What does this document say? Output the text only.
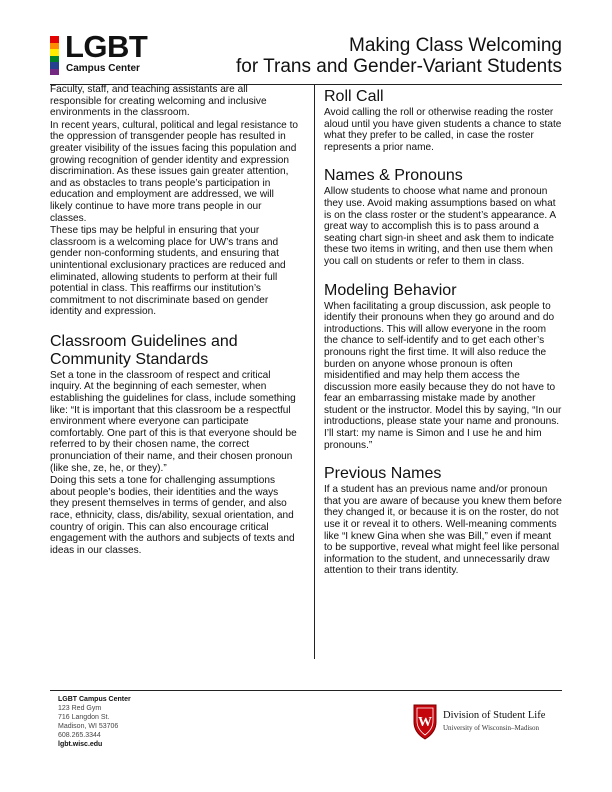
LGBT
Campus Center
Making Class Welcoming
for Trans and Gender-Variant Students

Faculty, staff, and teaching assistants are all responsible for creating welcoming and inclusive environments in the classroom.

In recent years, cultural, political and legal resistance to the oppression of transgender people has resulted in greater visibility of the issues facing this population and growing recognition of gender identity and expression discrimination. As these issues gain greater attention, and as obstacles to trans people’s participation in education and employment are addressed, we will likely continue to have more trans people in our classes.

These tips may be helpful in ensuring that your classroom is a welcoming place for UW’s trans and gender non-conforming students, and ensuring that unintentional exclusionary practices are reduced and eliminated, allowing students to perform at their full potential in class. This reaffirms our institution’s commitment to not discriminate based on gender identity and expression.

Classroom Guidelines and Community Standards

Set a tone in the classroom of respect and critical inquiry. At the beginning of each semester, when establishing the guidelines for class, include something like: “It is important that this classroom be a respectful environment where everyone can participate comfortably. One part of this is that everyone should be referred to by their chosen name, the correct pronunciation of their name, and their chosen pronoun (like she, ze, he, or they).”

Doing this sets a tone for challenging assumptions about people’s bodies, their identities and the ways they present themselves in terms of gender, and also race, ethnicity, class, dis/ability, sexual orientation, and country of origin. This can also encourage critical engagement with the authors and subjects of texts and ideas in our classes.

Roll Call

Avoid calling the roll or otherwise reading the roster aloud until you have given students a chance to state what they prefer to be called, in case the roster represents a prior name.

Names & Pronouns

Allow students to choose what name and pronoun they use. Avoid making assumptions based on what is on the class roster or the student’s appearance. A great way to accomplish this is to pass around a seating chart sign-in sheet and ask them to indicate these two items in writing, and then use them when you call on students or refer to them in class.

Modeling Behavior

When facilitating a group discussion, ask people to identify their pronouns when they go around and do introductions. This will allow everyone in the room the chance to self-identify and to get each other’s pronouns right the first time. It will also reduce the burden on anyone whose pronoun is often misidentified and may help them access the discussion more easily because they do not have to fear an embarrassing mistake made by another student or the instructor. Model this by saying, “In our introductions, please state your name and pronouns. I’ll start: my name is Simon and I use he and him pronouns.”

Previous Names

If a student has an previous name and/or pronoun that you are aware of because you knew them before they changed it, or because it is on the roster, do not use it or reveal it to others. Well-meaning comments like “I knew Gina when she was Bill,” even if meant to be supportive, reveal what might feel like personal information to the student, and unnecessarily draw attention to their trans identity.

LGBT Campus Center
123 Red Gym
716 Langdon St.
Madison, WI 53706
608.265.3344
lgbt.wisc.edu
W Division of Student Life
University of Wisconsin–Madison
